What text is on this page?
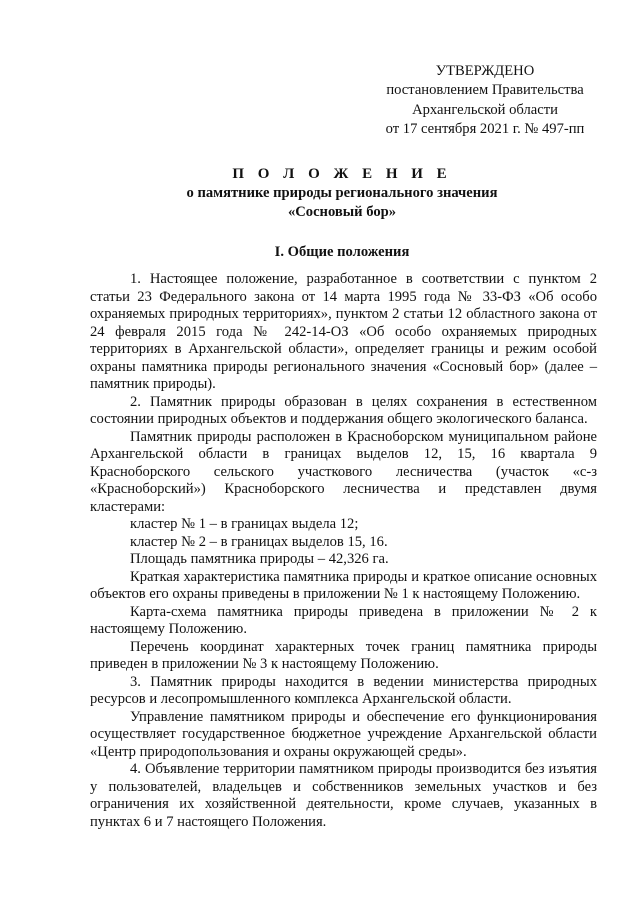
УТВЕРЖДЕНО
постановлением Правительства
Архангельской области
от 17 сентября 2021 г. № 497-пп
П О Л О Ж Е Н И Е
о памятнике природы регионального значения
«Сосновый бор»
I. Общие положения

1. Настоящее положение, разработанное в соответствии с пунктом 2 статьи 23 Федерального закона от 14 марта 1995 года № 33-ФЗ «Об особо охраняемых природных территориях», пунктом 2 статьи 12 областного закона от 24 февраля 2015 года № 242-14-ОЗ «Об особо охраняемых природных территориях в Архангельской области», определяет границы и режим особой охраны памятника природы регионального значения «Сосновый бор» (далее – памятник природы).

2. Памятник природы образован в целях сохранения в естественном состоянии природных объектов и поддержания общего экологического баланса.

Памятник природы расположен в Красноборском муниципальном районе Архангельской области в границах выделов 12, 15, 16 квартала 9 Красноборского сельского участкового лесничества (участок «с-з «Красноборский») Красноборского лесничества и представлен двумя кластерами:

кластер № 1 – в границах выдела 12;

кластер № 2 – в границах выделов 15, 16.

Площадь памятника природы – 42,326 га.

Краткая характеристика памятника природы и краткое описание основных объектов его охраны приведены в приложении № 1 к настоящему Положению.

Карта-схема памятника природы приведена в приложении № 2 к настоящему Положению.

Перечень координат характерных точек границ памятника природы приведен в приложении № 3 к настоящему Положению.

3. Памятник природы находится в ведении министерства природных ресурсов и лесопромышленного комплекса Архангельской области.

Управление памятником природы и обеспечение его функционирования осуществляет государственное бюджетное учреждение Архангельской области «Центр природопользования и охраны окружающей среды».

4. Объявление территории памятником природы производится без изъятия у пользователей, владельцев и собственников земельных участков и без ограничения их хозяйственной деятельности, кроме случаев, указанных в пунктах 6 и 7 настоящего Положения.
